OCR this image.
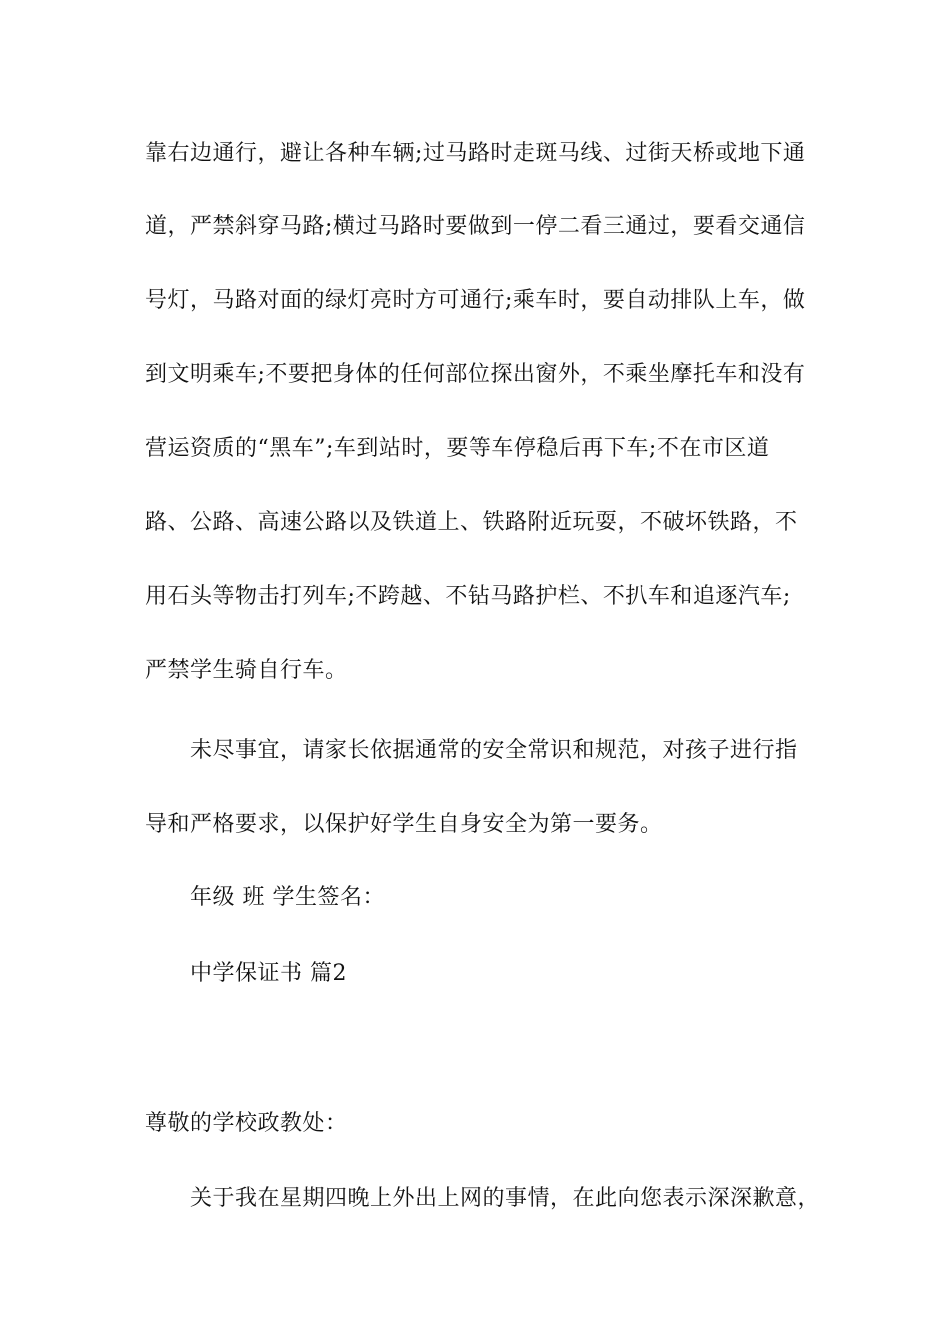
靠右边通行，避让各种车辆;过马路时走斑马线、过街天桥或地下通
道，严禁斜穿马路;横过马路时要做到一停二看三通过，要看交通信
号灯，马路对面的绿灯亮时方可通行;乘车时，要自动排队上车，做
到文明乘车;不要把身体的任何部位探出窗外，不乘坐摩托车和没有
营运资质的“黑车”;车到站时，要等车停稳后再下车;不在市区道
路、公路、高速公路以及铁道上、铁路附近玩耍，不破坏铁路，不
用石头等物击打列车;不跨越、不钻马路护栏、不扒车和追逐汽车;
严禁学生骑自行车。
未尽事宜，请家长依据通常的安全常识和规范，对孩子进行指
导和严格要求，以保护好学生自身安全为第一要务。
年级 班 学生签名：
中学保证书 篇2
尊敬的学校政教处：
关于我在星期四晚上外出上网的事情，在此向您表示深深歉意，
